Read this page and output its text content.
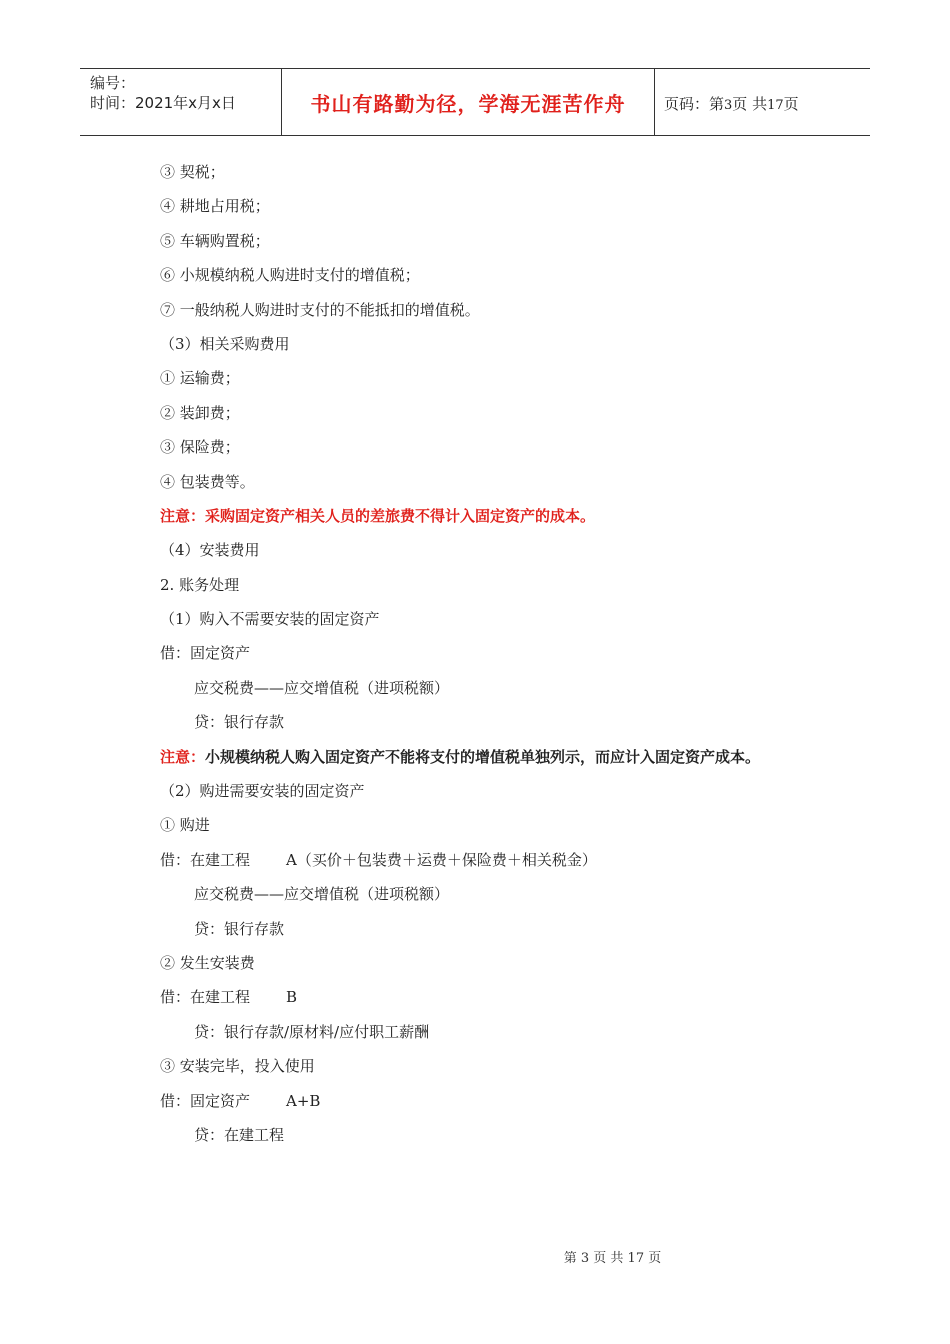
编号：
时间：2021年x月x日	书山有路勤为径，学海无涯苦作舟	页码：第3页 共17页
③ 契税；
④ 耕地占用税；
⑤ 车辆购置税；
⑥ 小规模纳税人购进时支付的增值税；
⑦ 一般纳税人购进时支付的不能抵扣的增值税。
（3）相关采购费用
① 运输费；
② 装卸费；
③ 保险费；
④ 包装费等。
注意：采购固定资产相关人员的差旅费不得计入固定资产的成本。
（4）安装费用
2. 账务处理
（1）购入不需要安装的固定资产
借：固定资产
应交税费——应交增值税（进项税额）
贷：银行存款
注意：小规模纳税人购入固定资产不能将支付的增值税单独列示，而应计入固定资产成本。
（2）购进需要安装的固定资产
① 购进
借：在建工程 A（买价＋包装费＋运费＋保险费＋相关税金）
应交税费——应交增值税（进项税额）
贷：银行存款
② 发生安装费
借：在建工程 B
贷：银行存款/原材料/应付职工薪酬
③ 安装完毕，投入使用
借：固定资产 A+B
贷：在建工程
第 3 页 共 17 页
